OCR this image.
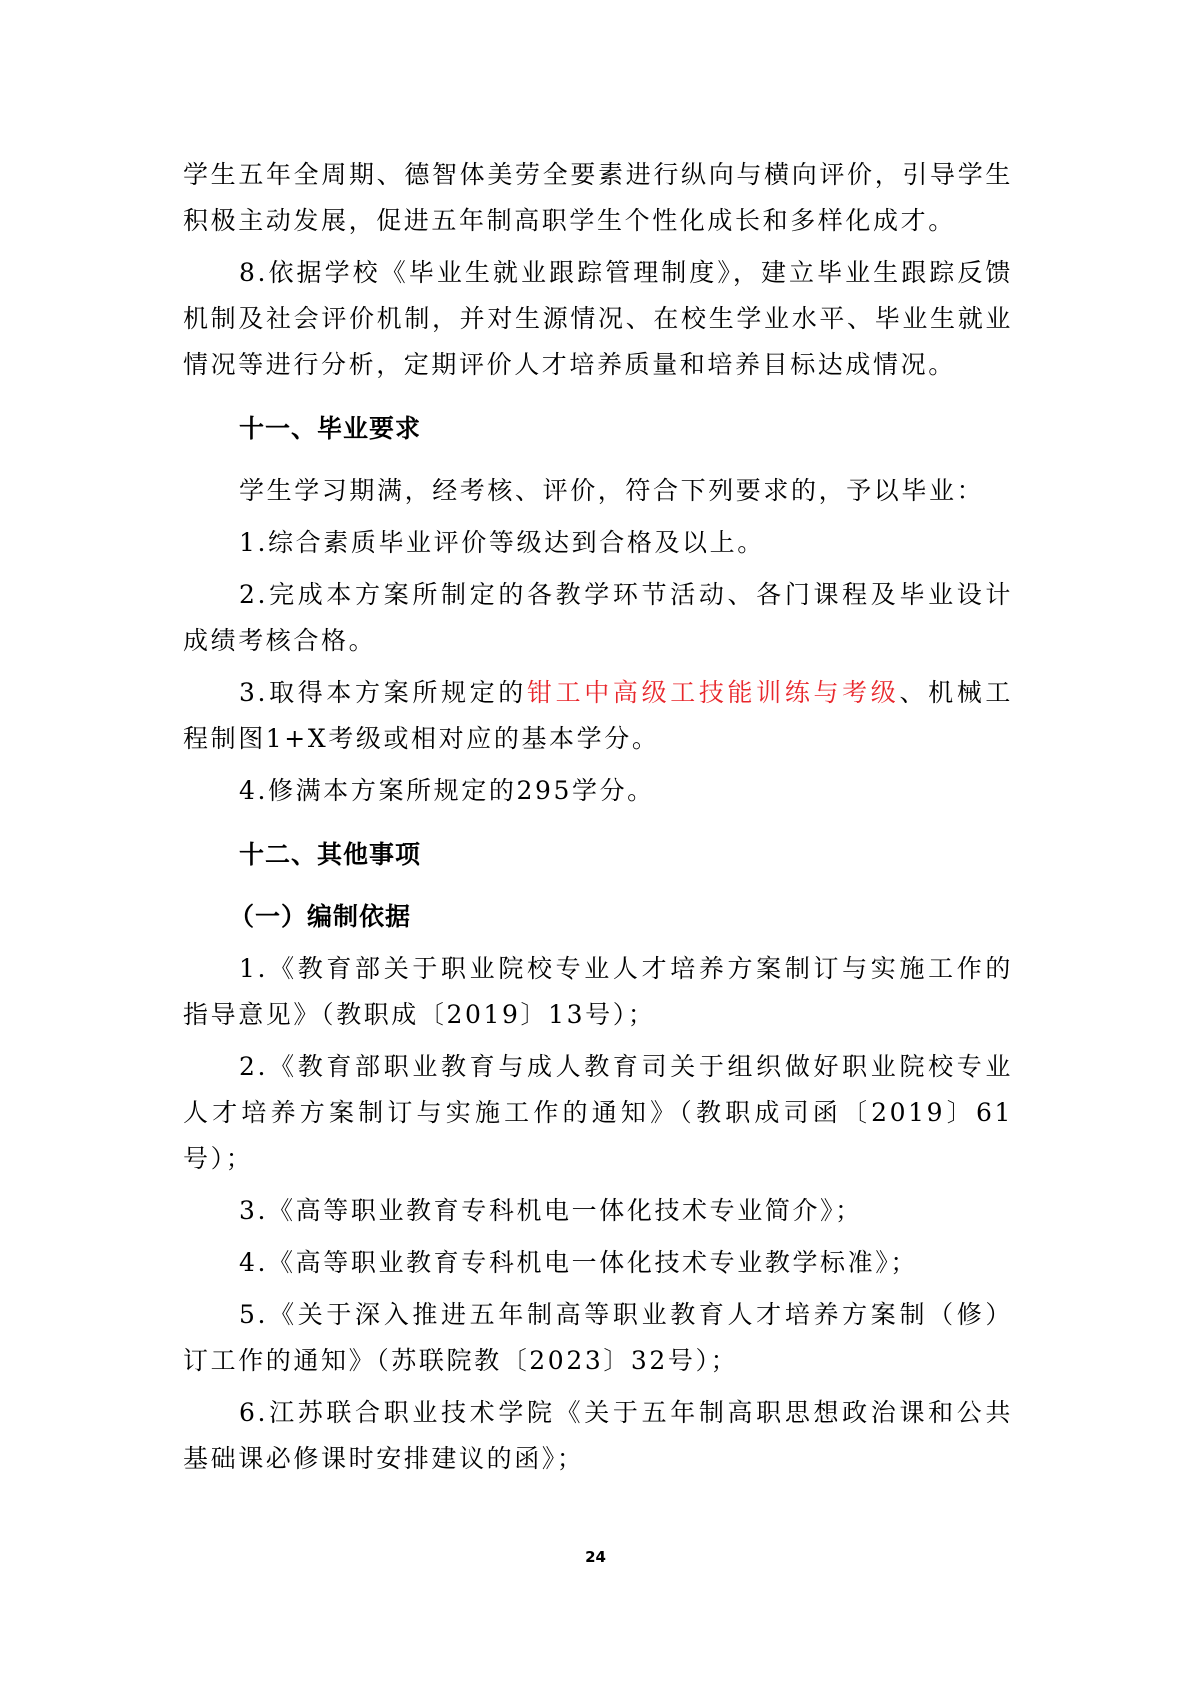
学生五年全周期、德智体美劳全要素进行纵向与横向评价，引导学生积极主动发展，促进五年制高职学生个性化成长和多样化成才。

8.依据学校《毕业生就业跟踪管理制度》，建立毕业生跟踪反馈机制及社会评价机制，并对生源情况、在校生学业水平、毕业生就业情况等进行分析，定期评价人才培养质量和培养目标达成情况。

十一、毕业要求

学生学习期满，经考核、评价，符合下列要求的，予以毕业：

1.综合素质毕业评价等级达到合格及以上。

2.完成本方案所制定的各教学环节活动、各门课程及毕业设计成绩考核合格。

3.取得本方案所规定的钳工中高级工技能训练与考级、机械工程制图1+X考级或相对应的基本学分。

4.修满本方案所规定的295学分。

十二、其他事项
（一）编制依据

1.《教育部关于职业院校专业人才培养方案制订与实施工作的指导意见》（教职成〔2019〕13号）；

2.《教育部职业教育与成人教育司关于组织做好职业院校专业人才培养方案制订与实施工作的通知》（教职成司函〔2019〕61号）；

3.《高等职业教育专科机电一体化技术专业简介》；

4.《高等职业教育专科机电一体化技术专业教学标准》；

5.《关于深入推进五年制高等职业教育人才培养方案制（修）订工作的通知》（苏联院教〔2023〕32号）；

6.江苏联合职业技术学院《关于五年制高职思想政治课和公共基础课必修课时安排建议的函》；

24
